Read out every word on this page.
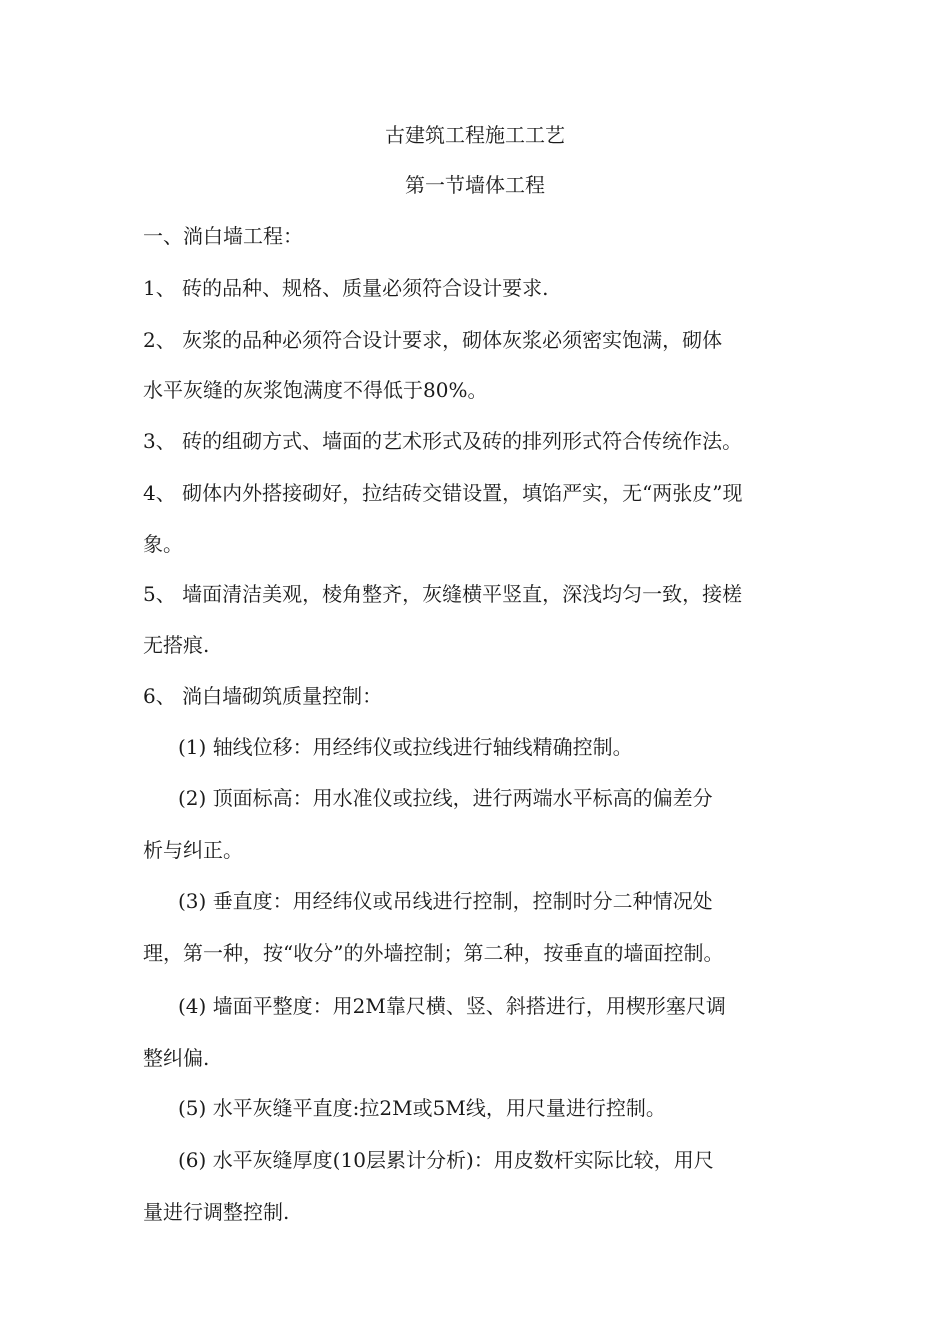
古建筑工程施工工艺

第一节墙体工程

一、淌白墙工程：

1、 砖的品种、规格、质量必须符合设计要求.

2、 灰浆的品种必须符合设计要求，砌体灰浆必须密实饱满，砌体

水平灰缝的灰浆饱满度不得低于80%。

3、 砖的组砌方式、墙面的艺术形式及砖的排列形式符合传统作法。

4、 砌体内外搭接砌好，拉结砖交错设置，填馅严实，无“两张皮”现

象。

5、 墙面清洁美观，棱角整齐，灰缝横平竖直，深浅均匀一致，接槎

无搭痕.

6、 淌白墙砌筑质量控制：

(1) 轴线位移：用经纬仪或拉线进行轴线精确控制。

(2) 顶面标高：用水准仪或拉线，进行两端水平标高的偏差分

析与纠正。

(3) 垂直度：用经纬仪或吊线进行控制，控制时分二种情况处

理，第一种，按“收分”的外墙控制；第二种，按垂直的墙面控制。

(4) 墙面平整度：用2M靠尺横、竖、斜搭进行，用楔形塞尺调

整纠偏.

(5) 水平灰缝平直度:拉2M或5M线，用尺量进行控制。

(6) 水平灰缝厚度(10层累计分析)：用皮数杆实际比较，用尺

量进行调整控制.
